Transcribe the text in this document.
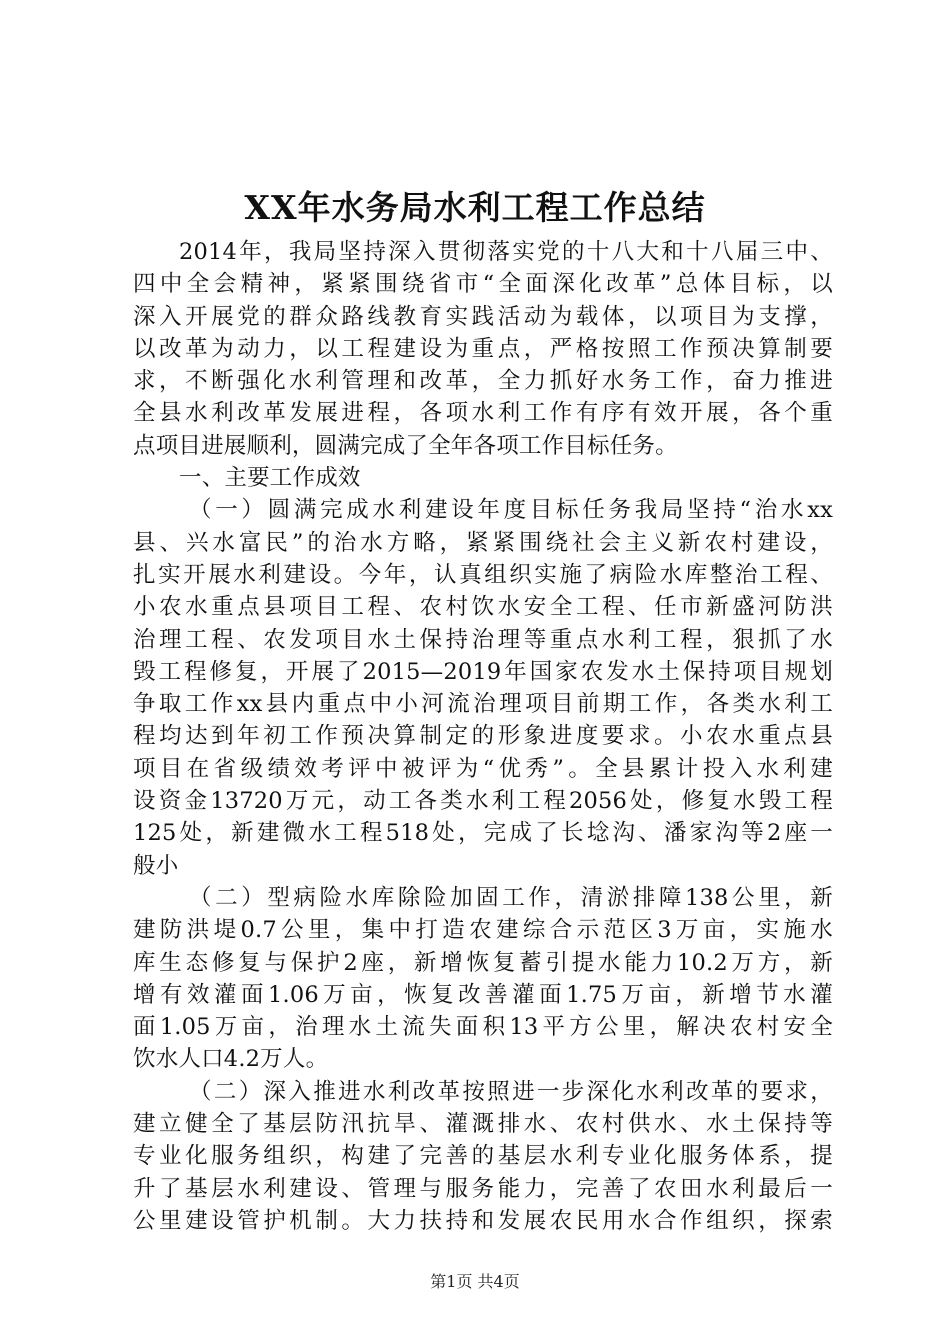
XX年水务局水利工程工作总结
2014年，我局坚持深入贯彻落实党的十八大和十八届三中、
四中全会精神，紧紧围绕省市“全面深化改革”总体目标，以
深入开展党的群众路线教育实践活动为载体，以项目为支撑，
以改革为动力，以工程建设为重点，严格按照工作预决算制要
求，不断强化水利管理和改革，全力抓好水务工作，奋力推进
全县水利改革发展进程，各项水利工作有序有效开展，各个重
点项目进展顺利，圆满完成了全年各项工作目标任务。
一、主要工作成效
（一）圆满完成水利建设年度目标任务我局坚持“治水xx
县、兴水富民”的治水方略，紧紧围绕社会主义新农村建设，
扎实开展水利建设。今年，认真组织实施了病险水库整治工程、
小农水重点县项目工程、农村饮水安全工程、任市新盛河防洪
治理工程、农发项目水土保持治理等重点水利工程，狠抓了水
毁工程修复，开展了2015—2019年国家农发水土保持项目规划
争取工作xx县内重点中小河流治理项目前期工作，各类水利工
程均达到年初工作预决算制定的形象进度要求。小农水重点县
项目在省级绩效考评中被评为“优秀”。全县累计投入水利建
设资金13720万元，动工各类水利工程2056处，修复水毁工程
125处，新建微水工程518处，完成了长埝沟、潘家沟等2座一
般小
（二）型病险水库除险加固工作，清淤排障138公里，新
建防洪堤0.7公里，集中打造农建综合示范区3万亩，实施水
库生态修复与保护2座，新增恢复蓄引提水能力10.2万方，新
增有效灌面1.06万亩，恢复改善灌面1.75万亩，新增节水灌
面1.05万亩，治理水土流失面积13平方公里，解决农村安全
饮水人口4.2万人。
（二）深入推进水利改革按照进一步深化水利改革的要求，
建立健全了基层防汛抗旱、灌溉排水、农村供水、水土保持等
专业化服务组织，构建了完善的基层水利专业化服务体系，提
升了基层水利建设、管理与服务能力，完善了农田水利最后一
公里建设管护机制。大力扶持和发展农民用水合作组织，探索
第1页 共4页
